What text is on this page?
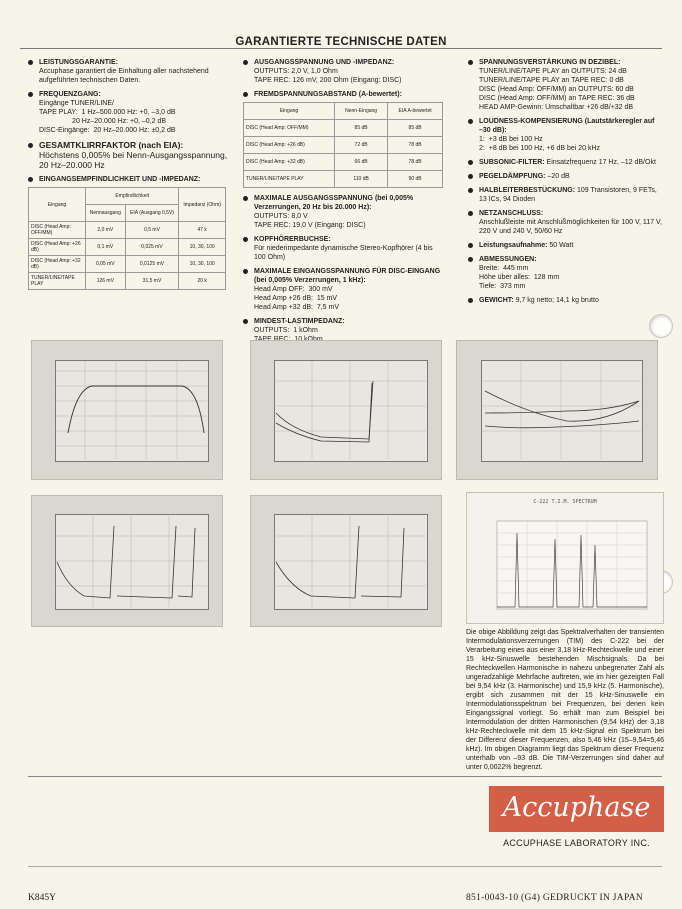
GARANTIERTE TECHNISCHE DATEN
LEISTUNGSGARANTIE:
Accuphase garantiert die Einhaltung aller nachstehend
aufgeführten technischen Daten.
FREQUENZGANG:
Eingänge TUNER/LINE/
TAPE PLAY:  1 Hz–500.000 Hz: +0, –3,0 dB
20 Hz–20.000 Hz: +0, –0,2 dB
DISC-Eingänge:  20 Hz–20.000 Hz: ±0,2 dB
GESAMTKLIRRFAKTOR (nach EIA):
Höchstens 0,005% bei Nenn-Ausgangsspannung,
20 Hz–20.000 Hz
EINGANGSEMPFINDLICHKEIT UND -IMPEDANZ:
Eingang	Empfindlichkeit		Impedanz (Ohm)
	Nennausgang	EIA (Ausgang 0,5V)	
DISC (Head Amp: OFF/MM)	2,0 mV	0,5 mV	47 k
DISC (Head Amp: +26 dB)	0,1 mV	0,025 mV	10, 30, 100
DISC (Head Amp: +32 dB)	0,05 mV	0,0125 mV	10, 30, 100
TUNER/LINE/TAPE PLAY	126 mV	31,5 mV	20 k
AUSGANGSSPANNUNG UND -IMPEDANZ:
OUTPUTS: 2,0 V, 1,0 Ohm
TAPE REC: 126 mV, 200 Ohm (Eingang: DISC)
FREMDSPANNUNGSABSTAND (A-bewertet):
Eingang	Nenn-Eingang	EIA A-bewertet
DISC (Head Amp: OFF/MM)	85 dB	85 dB
DISC (Head Amp: +26 dB)	72 dB	78 dB
DISC (Head Amp: +32 dB)	66 dB	78 dB
TUNER/LINE/TAPE PLAY	110 dB	90 dB
MAXIMALE AUSGANGSSPANNUNG (bei 0,005% Verzerrungen, 20 Hz bis 20.000 Hz):
OUTPUTS: 8,0 V
TAPE REC: 19,0 V (Eingang: DISC)
KOPFHÖRERBUCHSE:
Für niederimpedante dynamische Stereo-Kopfhörer (4 bis
100 Ohm)
MAXIMALE EINGANGSSPANNUNG FÜR DISC-EINGANG (bei 0,005% Verzerrungen, 1 kHz):
Head Amp OFF:  300 mV
Head Amp +26 dB:  15 mV
Head Amp +32 dB:  7,5 mV
MINDEST-LASTIMPEDANZ:
OUTPUTS:  1 kOhm
SPANNUNGSVERSTÄRKUNG IN DEZIBEL:
TUNER/LINE/TAPE PLAY an OUTPUTS: 24 dB
TUNER/LINE/TAPE PLAY an TAPE REC: 0 dB
DISC (Head Amp: OFF/MM) an OUTPUTS: 60 dB
DISC (Head Amp: OFF/MM) an TAPE REC: 36 dB
HEAD AMP-Gewinn: Umschaltbar +26 dB/+32 dB
LOUDNESS-KOMPENSIERUNG (Lautstärkeregler auf –30 dB):
1:  +3 dB bei 100 Hz
2:  +8 dB bei 100 Hz, +6 dB bei 20 kHz
SUBSONIC-FILTER: Einsatzfrequenz 17 Hz, –12 dB/Okt
PEGELDÄMPFUNG: –20 dB
HALBLEITERBESTÜCKUNG: 109 Transistoren, 9 FETs,
13 ICs, 94 Dioden
NETZANSCHLUSS:
Anschlußleiste mit Anschlußmöglichkeiten für 100 V, 117 V,
220 V und 240 V, 50/60 Hz
Leistungsaufnahme: 50 Watt
ABMESSUNGEN:
Breite:  445 mm
Höhe über alles:  128 mm
Tiefe:  373 mm
GEWICHT: 9,7 kg netto; 14,1 kg brutto
C-222 T.I.M. SPECTRUM
Die obige Abbildung zeigt das Spektralverhalten der transienten Intermodulationsverzerrungen (TIM) des C-222 bei der Verarbeitung eines aus einer 3,18 kHz-Rechteckwelle und einer 15 kHz-Sinuswelle bestehenden Mischsignals. Da bei Rechteckwellen Harmonische in nahezu unbegrenzter Zahl als ungeradzahlige Mehrfache auftreten, wie im hier gezeigten Fall bei 9,54 kHz (3. Harmonische) und 15,9 kHz (5. Harmonische), ergibt sich zusammen mit der 15 kHz-Sinuswelle ein Intermodulationsspektrum bei Frequenzen, bei denen kein Eingangssignal vorliegt. So erhält man zum Beispiel bei Intermodulation der dritten Harmonischen (9,54 kHz) der 3,18 kHz-Rechteckwelle mit dem 15 kHz-Signal ein Spektrum bei der Differenz dieser Frequenzen, also 5,46 kHz (15–9,54=5,46 kHz). Im obigen Diagramm liegt das Spektrum dieser Frequenz unterhalb von –93 dB. Die TIM-Verzerrungen sind daher auf unter 0,0022% begrenzt.
Accuphase
ACCUPHASE LABORATORY INC.
K845Y	851-0043-10 (G4) GEDRUCKT IN JAPAN
